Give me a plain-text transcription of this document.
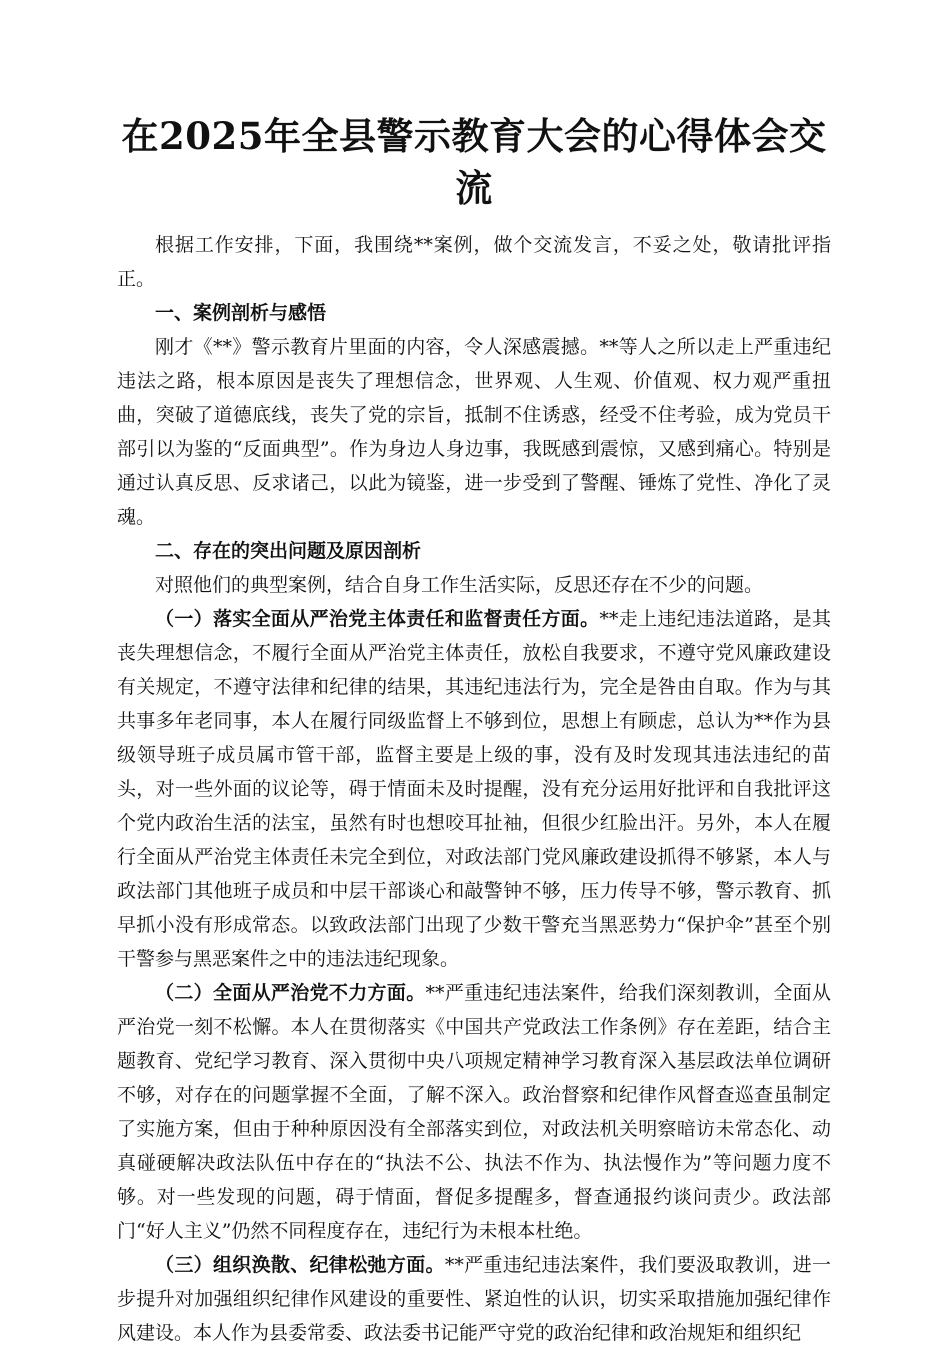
在2025年全县警示教育大会的心得体会交流

根据工作安排，下面，我围绕**案例，做个交流发言，不妥之处，敬请批评指正。

一、案例剖析与感悟

刚才《**》警示教育片里面的内容，令人深感震撼。**等人之所以走上严重违纪违法之路，根本原因是丧失了理想信念，世界观、人生观、价值观、权力观严重扭曲，突破了道德底线，丧失了党的宗旨，抵制不住诱惑，经受不住考验，成为党员干部引以为鉴的“反面典型”。作为身边人身边事，我既感到震惊，又感到痛心。特别是通过认真反思、反求诸己，以此为镜鉴，进一步受到了警醒、锤炼了党性、净化了灵魂。

二、存在的突出问题及原因剖析

对照他们的典型案例，结合自身工作生活实际，反思还存在不少的问题。

（一）落实全面从严治党主体责任和监督责任方面。**走上违纪违法道路，是其丧失理想信念，不履行全面从严治党主体责任，放松自我要求，不遵守党风廉政建设有关规定，不遵守法律和纪律的结果，其违纪违法行为，完全是咎由自取。作为与其共事多年老同事，本人在履行同级监督上不够到位，思想上有顾虑，总认为**作为县级领导班子成员属市管干部，监督主要是上级的事，没有及时发现其违法违纪的苗头，对一些外面的议论等，碍于情面未及时提醒，没有充分运用好批评和自我批评这个党内政治生活的法宝，虽然有时也想咬耳扯袖，但很少红脸出汗。另外，本人在履行全面从严治党主体责任未完全到位，对政法部门党风廉政建设抓得不够紧，本人与政法部门其他班子成员和中层干部谈心和敲警钟不够，压力传导不够，警示教育、抓早抓小没有形成常态。以致政法部门出现了少数干警充当黑恶势力“保护伞”甚至个别干警参与黑恶案件之中的违法违纪现象。

（二）全面从严治党不力方面。**严重违纪违法案件，给我们深刻教训，全面从严治党一刻不松懈。本人在贯彻落实《中国共产党政法工作条例》存在差距，结合主题教育、党纪学习教育、深入贯彻中央八项规定精神学习教育深入基层政法单位调研不够，对存在的问题掌握不全面，了解不深入。政治督察和纪律作风督查巡查虽制定了实施方案，但由于种种原因没有全部落实到位，对政法机关明察暗访未常态化、动真碰硬解决政法队伍中存在的“执法不公、执法不作为、执法慢作为”等问题力度不够。对一些发现的问题，碍于情面，督促多提醒多，督查通报约谈问责少。政法部门“好人主义”仍然不同程度存在，违纪行为未根本杜绝。

（三）组织涣散、纪律松弛方面。**严重违纪违法案件，我们要汲取教训，进一步提升对加强组织纪律作风建设的重要性、紧迫性的认识，切实采取措施加强纪律作风建设。本人作为县委常委、政法委书记能严守党的政治纪律和政治规矩和组织纪
